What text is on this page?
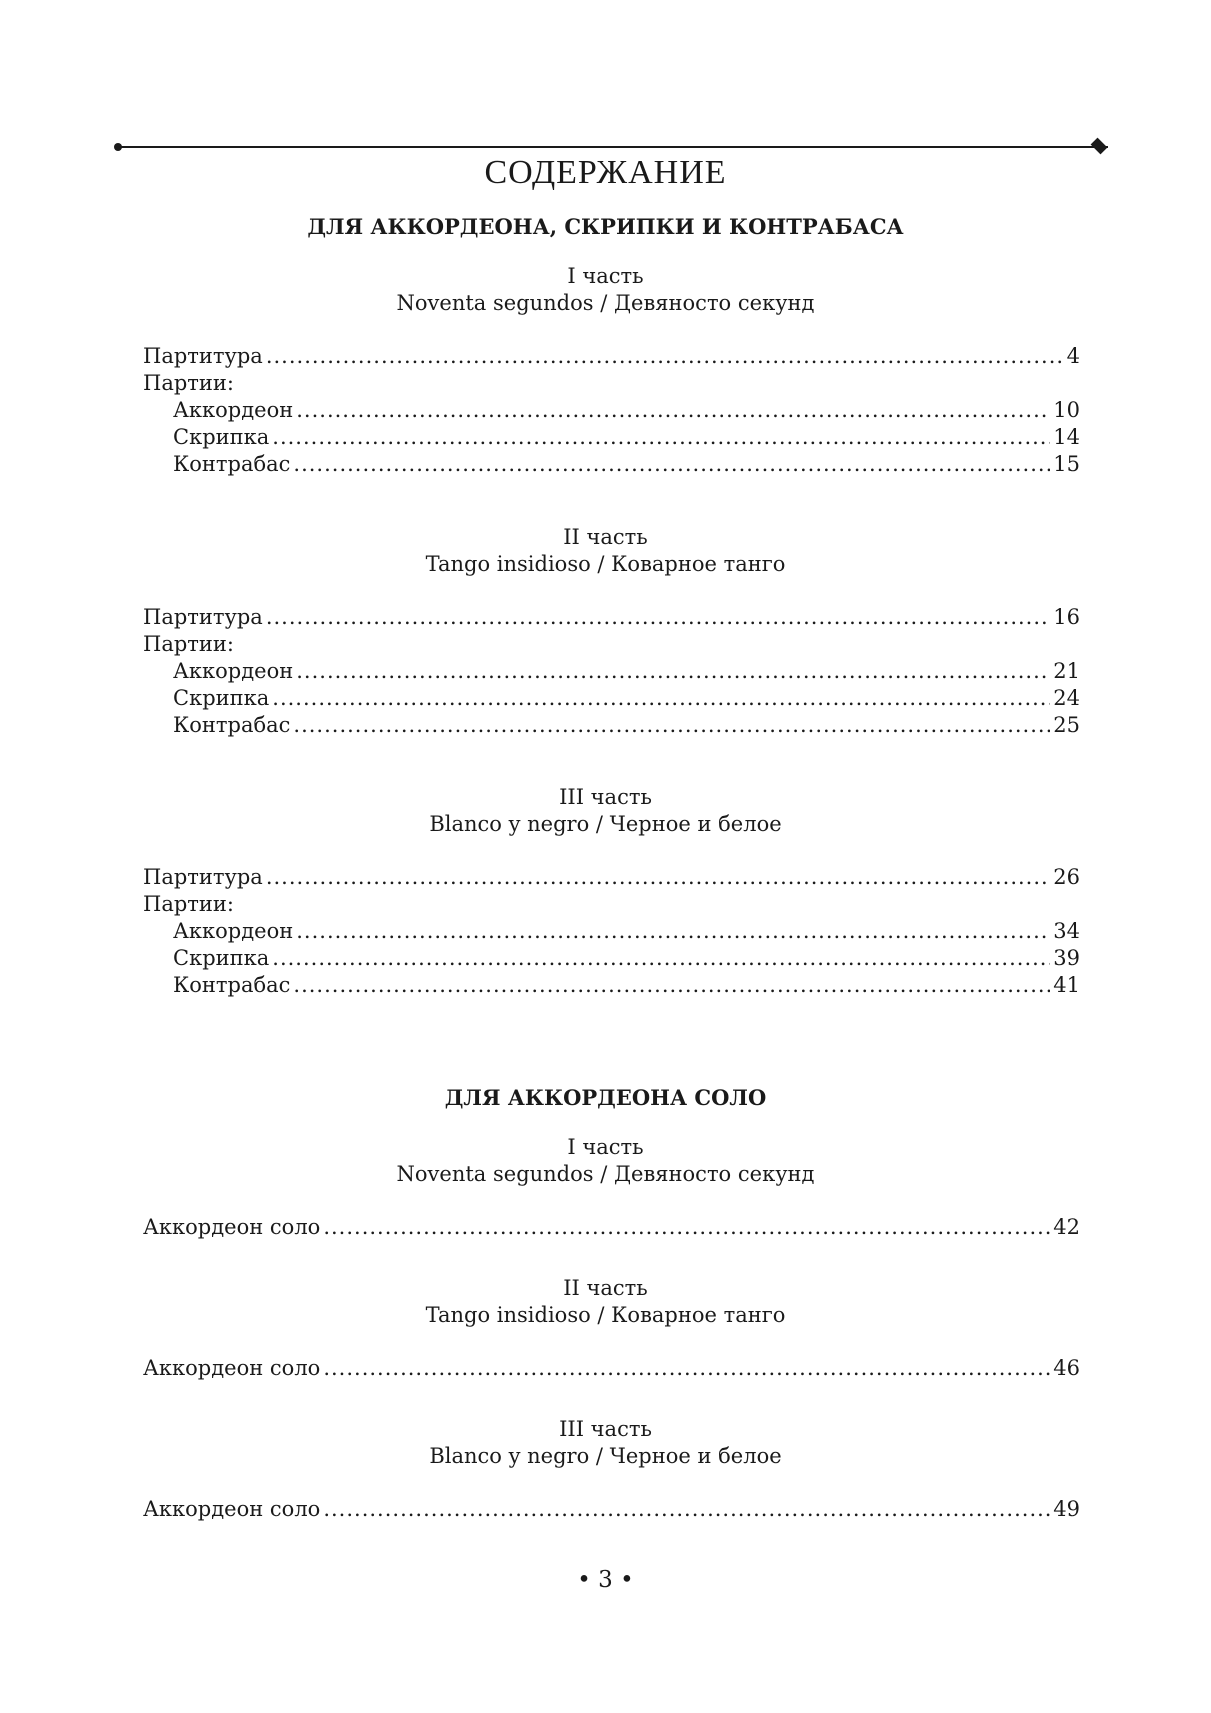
СОДЕРЖАНИЕ
ДЛЯ АККОРДЕОНА, СКРИПКИ И КОНТРАБАСА
I часть
Noventa segundos / Девяносто секунд
Партитура .....	4
Партии:
Аккордеон .....	10
Скрипка .....	14
Контрабас .....	15
II часть
Tango insidioso / Коварное танго
Партитура .....	16
Партии:
Аккордеон .....	21
Скрипка .....	24
Контрабас .....	25
III часть
Blanco y negro / Черное и белое
Партитура .....	26
Партии:
Аккордеон .....	34
Скрипка .....	39
Контрабас .....	41
ДЛЯ АККОРДЕОНА СОЛО
I часть
Noventa segundos / Девяносто секунд
Аккордеон соло .....	42
II часть
Tango insidioso / Коварное танго
Аккордеон соло .....	46
III часть
Blanco y negro / Черное и белое
Аккордеон соло .....	49
• 3 •
